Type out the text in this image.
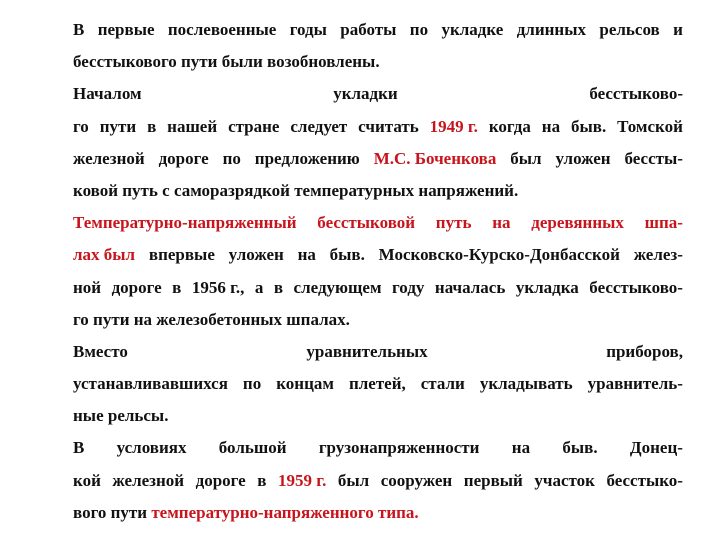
В первые послевоенные годы работы по укладке длинных рельсов и
бесстыкового пути были возобновлены.
Началом	укладки	бесстыково-
го пути в нашей стране следует считать 1949 г. когда на быв. Томской
железной дороге по предложению М.С. Боченкова был уложен бессты-
ковой путь с саморазрядкой температурных напряжений.
Температурно-напряженный бесстыковой путь на деревянных шпа-
лах был впервые уложен на быв. Московско-Курско-Донбасской желез-
ной дороге в 1956 г., а в следующем году началась укладка бесстыково-
го пути на железобетонных шпалах.
Вместо	уравнительных	приборов,
устанавливавшихся по концам плетей, стали укладывать уравнитель-
ные рельсы.
В условиях большой грузонапряженности на быв. Донец-
кой железной дороге в 1959 г. был сооружен первый участок бесстыко-
вого пути температурно-напряженного типа.
